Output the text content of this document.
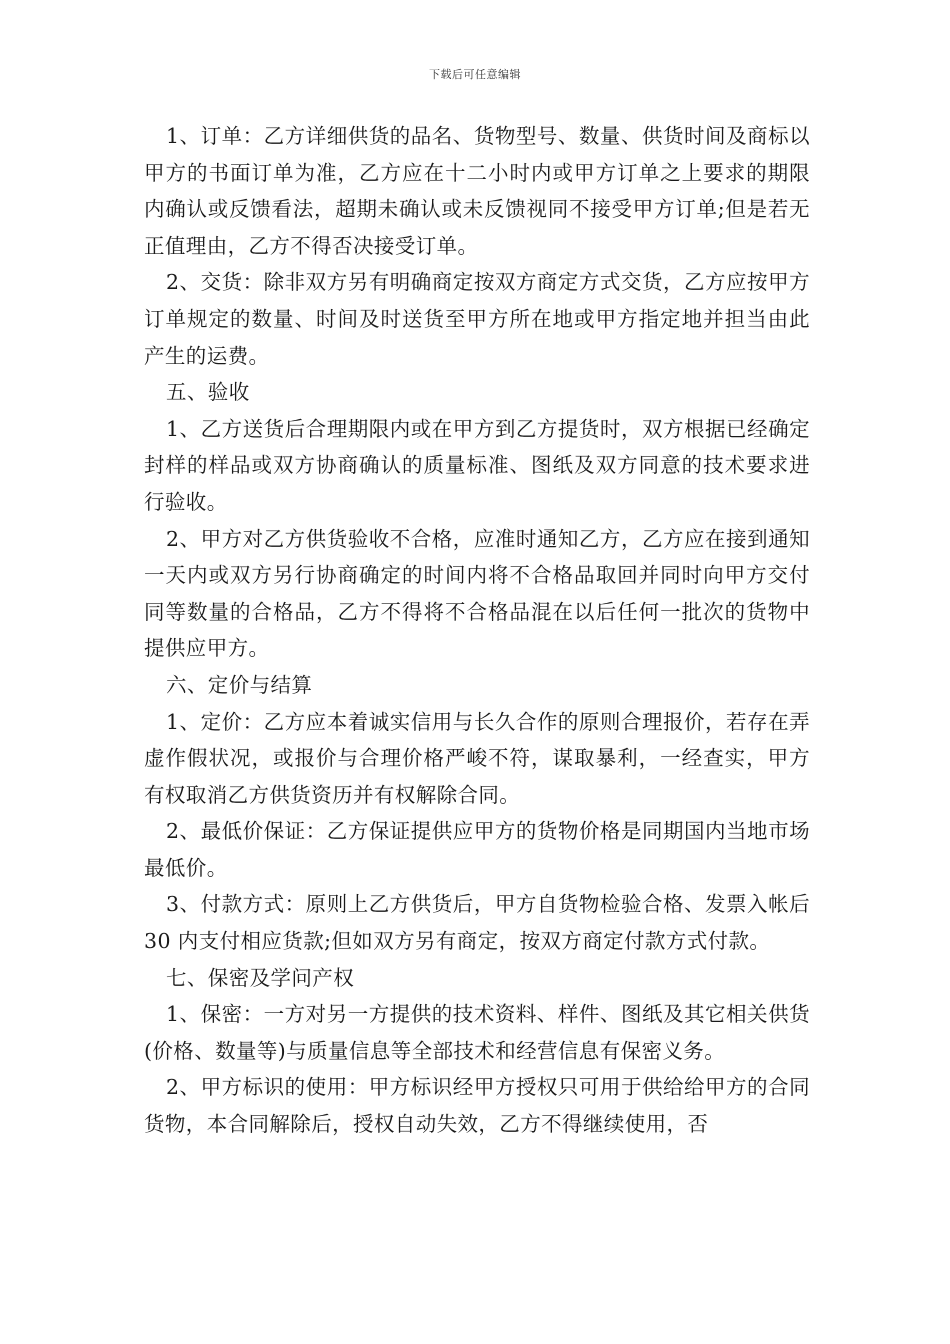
下载后可任意编辑

1、订单：乙方详细供货的品名、货物型号、数量、供货时间及商标以甲方的书面订单为准，乙方应在十二小时内或甲方订单之上要求的期限内确认或反馈看法，超期未确认或未反馈视同不接受甲方订单;但是若无正值理由，乙方不得否决接受订单。

2、交货：除非双方另有明确商定按双方商定方式交货，乙方应按甲方订单规定的数量、时间及时送货至甲方所在地或甲方指定地并担当由此产生的运费。

五、验收

1、乙方送货后合理期限内或在甲方到乙方提货时，双方根据已经确定封样的样品或双方协商确认的质量标准、图纸及双方同意的技术要求进行验收。

2、甲方对乙方供货验收不合格，应准时通知乙方，乙方应在接到通知一天内或双方另行协商确定的时间内将不合格品取回并同时向甲方交付同等数量的合格品，乙方不得将不合格品混在以后任何一批次的货物中提供应甲方。

六、定价与结算

1、定价：乙方应本着诚实信用与长久合作的原则合理报价，若存在弄虚作假状况，或报价与合理价格严峻不符，谋取暴利，一经查实，甲方有权取消乙方供货资历并有权解除合同。

2、最低价保证：乙方保证提供应甲方的货物价格是同期国内当地市场最低价。

3、付款方式：原则上乙方供货后，甲方自货物检验合格、发票入帐后 30 内支付相应货款;但如双方另有商定，按双方商定付款方式付款。

七、保密及学问产权

1、保密：一方对另一方提供的技术资料、样件、图纸及其它相关供货(价格、数量等)与质量信息等全部技术和经营信息有保密义务。

2、甲方标识的使用：甲方标识经甲方授权只可用于供给给甲方的合同货物，本合同解除后，授权自动失效，乙方不得继续使用，否
